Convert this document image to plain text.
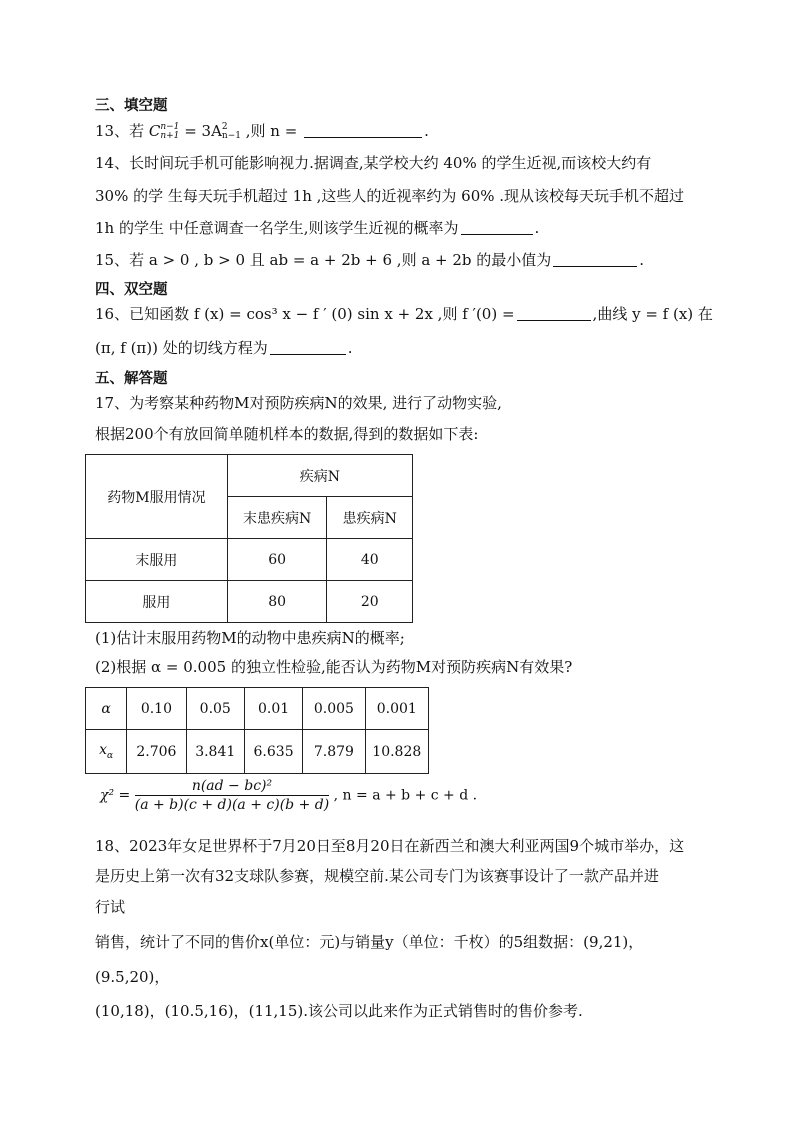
三、填空题
13、若 C n−1
n+1 = 3A 2
n−1 ,则 n =	.
14、长时间玩手机可能影响视力.据调查,某学校大约 40% 的学生近视,而该校大约有
30% 的学 生每天玩手机超过 1h ,这些人的近视率约为 60% .现从该校每天玩手机不超过
1h 的学生 中任意调查一名学生,则该学生近视的概率为	.
15、若 a > 0 , b > 0 且 ab = a + 2b + 6 ,则 a + 2b 的最小值为	.
四、双空题
16、已知函数 f (x) = cos³ x − f ′ (0) sin x + 2x ,则 f ′(0) =	,曲线 y = f (x) 在
(π, f (π)) 处的切线方程为	.
五、解答题
17、为考察某种药物M对预防疾病N的效果, 进行了动物实验,
根据200个有放回简单随机样本的数据,得到的数据如下表:
药物M服用情况	疾病N	
	末患疾病N	患疾病N
末服用	60	40
服用	80	20
(1)估计末服用药物M的动物中患疾病N的概率;
(2)根据 α = 0.005 的独立性检验,能否认为药物M对预防疾病N有效果?
α	0.10	0.05	0.01	0.005	0.001
$x_\alpha$	2.706	3.841	6.635	7.879	10.828
$\chi^2 = \frac{\text{n(ad − bc)²}}{(a + b)(c + d)(a + c)(b + d)}$ , n = a + b + c + d .
18、2023年女足世界杯于7月20日至8月20日在新西兰和澳大利亚两国9个城市举办，这
是历史上第一次有32支球队参赛，规模空前.某公司专门为该赛事设计了一款产品并进
行试
销售，统计了不同的售价x(单位：元)与销量y（单位：千枚）的5组数据：(9,21)，
(9.5,20)，
(10,18)，(10.5,16)，(11,15).该公司以此来作为正式销售时的售价参考.
